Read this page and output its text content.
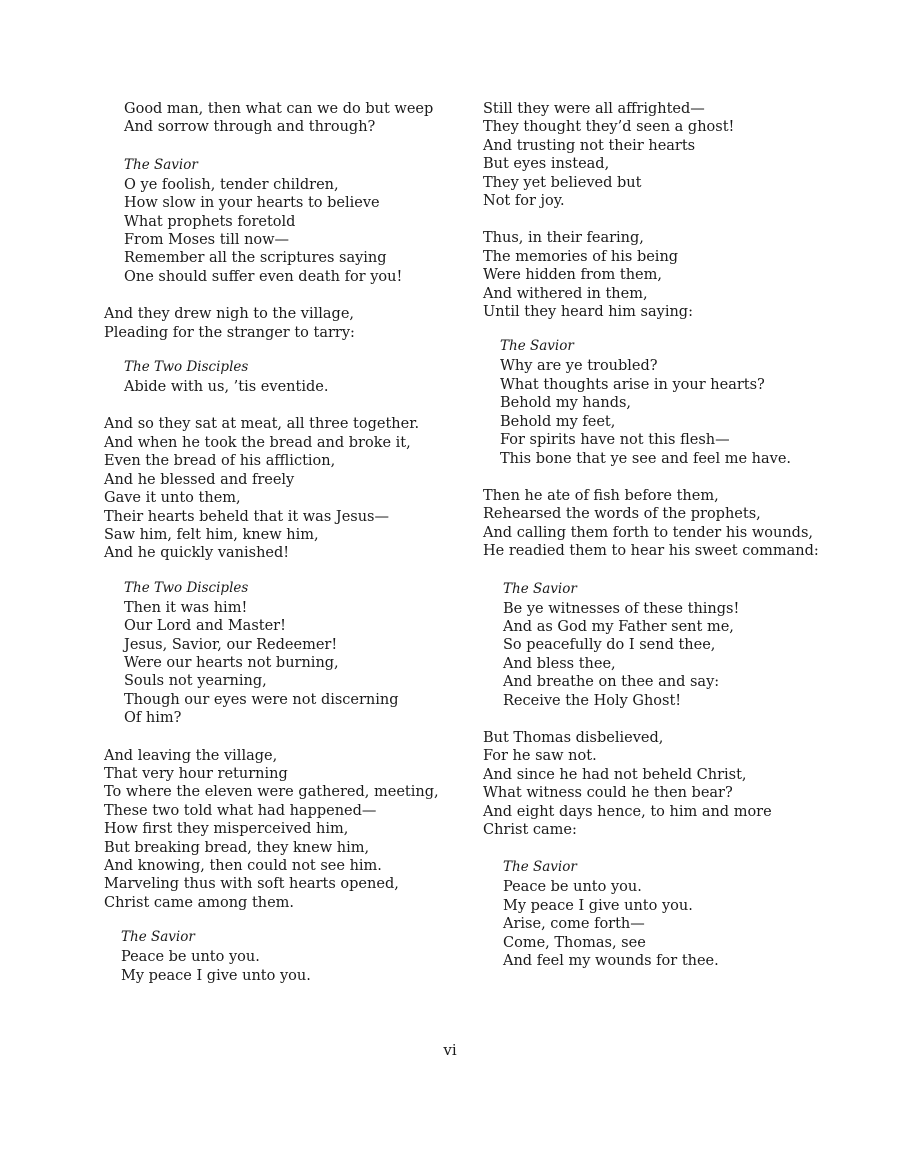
Good man, then what can we do but weep
And sorrow through and through?
The Savior
O ye foolish, tender children,
How slow in your hearts to believe
What prophets foretold
From Moses till now—
Remember all the scriptures saying
One should suffer even death for you!
And they drew nigh to the village,
Pleading for the stranger to tarry:
The Two Disciples
Abide with us, ’tis eventide.
And so they sat at meat, all three together.
And when he took the bread and broke it,
Even the bread of his affliction,
And he blessed and freely
Gave it unto them,
Their hearts beheld that it was Jesus—
Saw him, felt him, knew him,
And he quickly vanished!
The Two Disciples
Then it was him!
Our Lord and Master!
Jesus, Savior, our Redeemer!
Were our hearts not burning,
Souls not yearning,
Though our eyes were not discerning
Of him?
And leaving the village,
That very hour returning
To where the eleven were gathered, meeting,
These two told what had happened—
How first they misperceived him,
But breaking bread, they knew him,
And knowing, then could not see him.
Marveling thus with soft hearts opened,
Christ came among them.
The Savior
Peace be unto you.
My peace I give unto you.
Still they were all affrighted—
They thought they’d seen a ghost!
And trusting not their hearts
But eyes instead,
They yet believed but
Not for joy.
Thus, in their fearing,
The memories of his being
Were hidden from them,
And withered in them,
Until they heard him saying:
The Savior
Why are ye troubled?
What thoughts arise in your hearts?
Behold my hands,
Behold my feet,
For spirits have not this flesh—
This bone that ye see and feel me have.
Then he ate of fish before them,
Rehearsed the words of the prophets,
And calling them forth to tender his wounds,
He readied them to hear his sweet command:
The Savior
Be ye witnesses of these things!
And as God my Father sent me,
So peacefully do I send thee,
And bless thee,
And breathe on thee and say:
Receive the Holy Ghost!
But Thomas disbelieved,
For he saw not.
And since he had not beheld Christ,
What witness could he then bear?
And eight days hence, to him and more
Christ came:
The Savior
Peace be unto you.
My peace I give unto you.
Arise, come forth—
Come, Thomas, see
And feel my wounds for thee.
vi
